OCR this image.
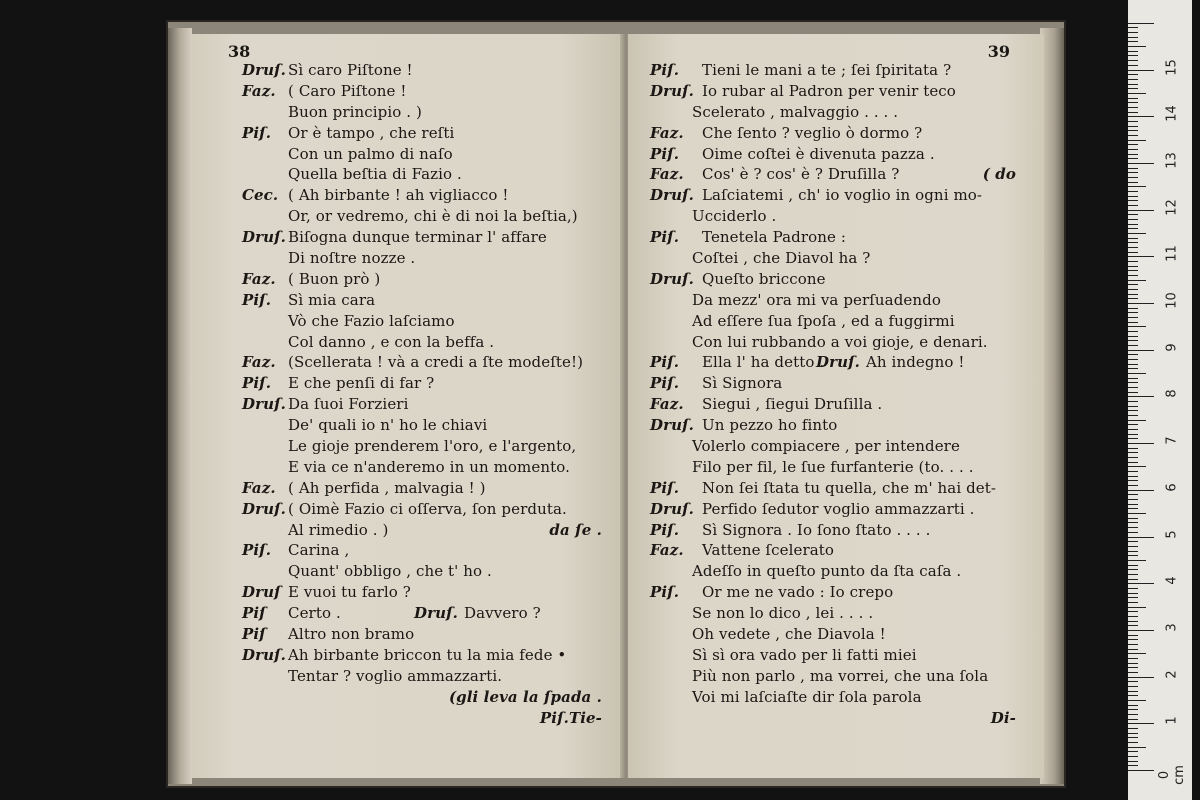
38
Druſ. Sì caro Piſtone !
Faz. ( Caro Piſtone !
Buon principio . )
Piſ. Or è tampo , che reſti
Con un palmo di naſo
Quella beſtia di Fazio .
Cec. ( Ah birbante ! ah vigliacco !
Or, or vedremo, chi è di noi la beſtia,)
Druſ. Biſogna dunque terminar l' affare
Di noſtre nozze .
Faz. ( Buon prò )
Piſ. Sì mia cara
Vò che Fazio laſciamo
Col danno , e con la beffa .
Faz. (Scellerata ! và a credi a ſte modeſte!)
Piſ. E che penſi di far ?
Druſ. Da ſuoi Forzieri
De' quali io n' ho le chiavi
Le gioje prenderem l'oro, e l'argento,
E via ce n'anderemo in un momento.
Faz. ( Ah perfida , malvagia ! )
Druſ. ( Oimè Fazio ci oſſerva, ſon perduta.
Al rimedio . )	da ſe .
Piſ. Carina ,
Quant' obbligo , che t' ho .
Druſ E vuoi tu farlo ?
Piſ Certo .	Druſ. Davvero ?
Piſ Altro non bramo
Druſ. Ah birbante briccon tu la mia fede •
Tentar ? voglio ammazzarti.
(gli leva la ſpada .
Piſ.Tie-
39
Piſ. Tieni le mani a te ; ſei ſpiritata ?
Druſ. Io rubar al Padron per venir teco
Scelerato , malvaggio . . . .
Faz. Che ſento ? veglio ò dormo ?
Piſ. Oime coſtei è divenuta pazza .
Faz. Cos' è ? cos' è ? Druſilla ?	( do
Druſ. Laſciatemi , ch' io voglio in ogni mo-
Ucciderlo .
Piſ. Tenetela Padrone :
Coſtei , che Diavol ha ?
Druſ. Queſto briccone
Da mezz' ora mi va perſuadendo
Ad eſſere ſua ſpoſa , ed a fuggirmi
Con lui rubbando a voi gioje, e denari.
Piſ. Ella l' ha detto .
Druſ. Ah indegno !
Piſ. Sì Signora
Faz. Siegui , ſiegui Druſilla .
Druſ. Un pezzo ho finto
Volerlo compiacere , per intendere
Filo per fil, le ſue furfanterie (to. . . .
Piſ. Non ſei ſtata tu quella, che m' hai det-
Druſ. Perfido ſedutor voglio ammazzarti .
Piſ. Sì Signora . Io ſono ſtato . . . .
Faz. Vattene ſcelerato
Adeſſo in queſto punto da ſta caſa .
Piſ. Or me ne vado : Io crepo
Se non lo dico , lei . . . .
Oh vedete , che Diavola !
Sì sì ora vado per li fatti miei
Più non parlo , ma vorrei, che una ſola
Voi mi laſciaſte dir ſola parola
Di-
0 cm
1
2
3
4
5
6
7
8
9
10
11
12
13
14
15
